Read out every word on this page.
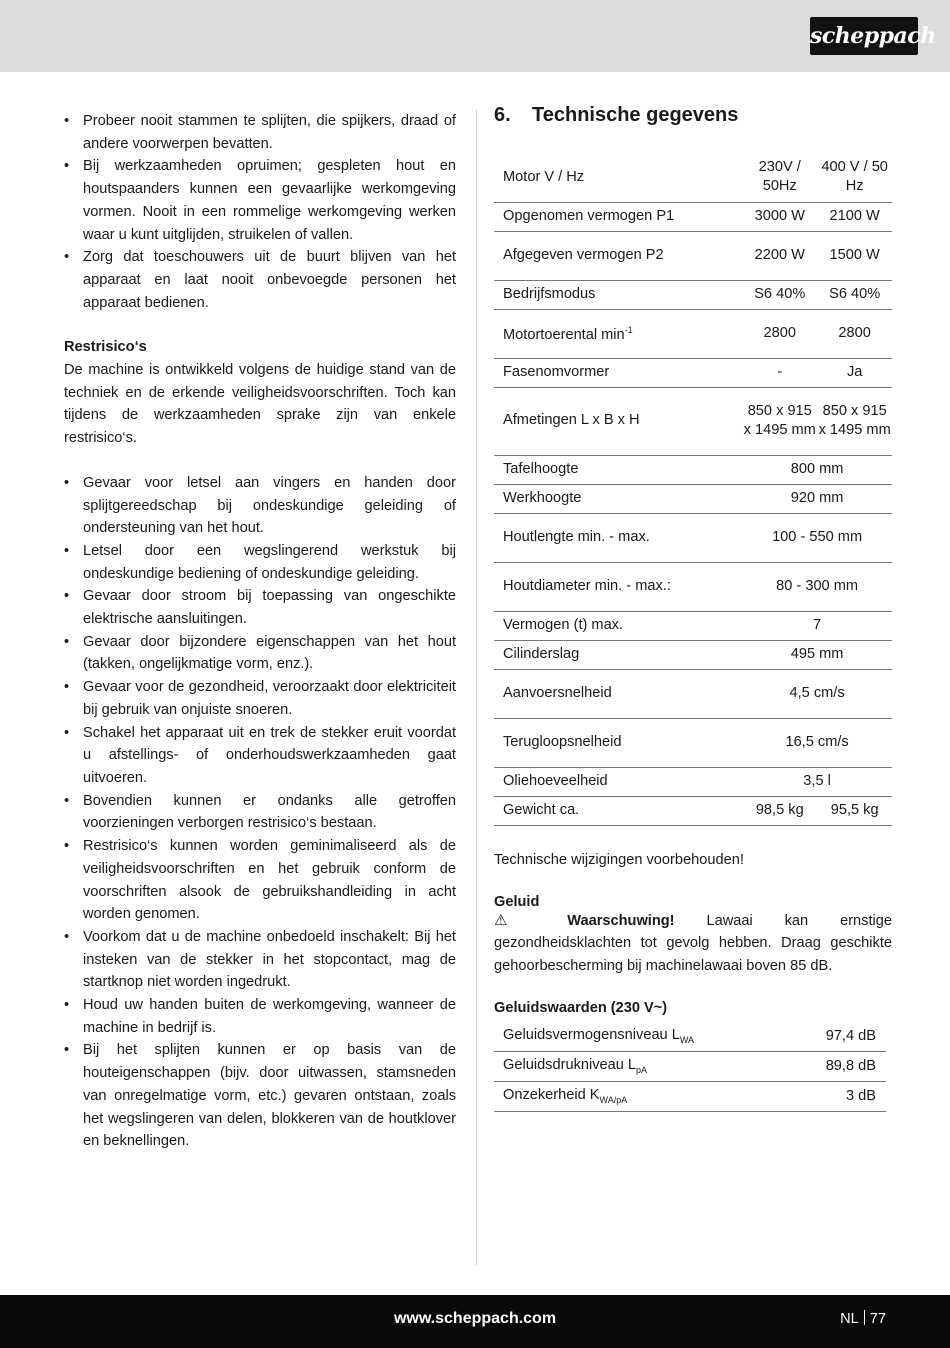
scheppach
• Probeer nooit stammen te splijten, die spijkers, draad of andere voorwerpen bevatten.
• Bij werkzaamheden opruimen; gespleten hout en houtspaanders kunnen een gevaarlijke werkomgeving vormen. Nooit in een rommelige werkomgeving werken waar u kunt uitglijden, struikelen of vallen.
• Zorg dat toeschouwers uit de buurt blijven van het apparaat en laat nooit onbevoegde personen het apparaat bedienen.
Restrisico‘s

De machine is ontwikkeld volgens de huidige stand van de techniek en de erkende veiligheidsvoorschriften. Toch kan tijdens de werkzaamheden sprake zijn van enkele restrisico‘s.

• Gevaar voor letsel aan vingers en handen door splijtgereedschap bij ondeskundige geleiding of ondersteuning van het hout.
• Letsel door een wegslingerend werkstuk bij ondeskundige bediening of ondeskundige geleiding.
• Gevaar door stroom bij toepassing van ongeschikte elektrische aansluitingen.
• Gevaar door bijzondere eigenschappen van het hout (takken, ongelijkmatige vorm, enz.).
• Gevaar voor de gezondheid, veroorzaakt door elektriciteit bij gebruik van onjuiste snoeren.
• Schakel het apparaat uit en trek de stekker eruit voordat u afstellings- of onderhoudswerkzaamheden gaat uitvoeren.
• Bovendien kunnen er ondanks alle getroffen voorzieningen verborgen restrisico‘s bestaan.
• Restrisico‘s kunnen worden geminimaliseerd als de veiligheidsvoorschriften en het gebruik conform de voorschriften alsook de gebruikshandleiding in acht worden genomen.
• Voorkom dat u de machine onbedoeld inschakelt: Bij het insteken van de stekker in het stopcontact, mag de startknop niet worden ingedrukt.
• Houd uw handen buiten de werkomgeving, wanneer de machine in bedrijf is.
• Bij het splijten kunnen er op basis van de houteigenschappen (bijv. door uitwassen, stamsneden van onregelmatige vorm, etc.) gevaren ontstaan, zoals het wegslingeren van delen, blokkeren van de houtklover en beknellingen.
6. Technische gegevens
Motor V / Hz	230V / 50Hz	400 V / 50 Hz
Opgenomen vermogen P1	3000 W	2100 W
Afgegeven vermogen P2	2200 W	1500 W
Bedrijfsmodus	S6 40%	S6 40%
Motortoerental $\min^{-1}$	2800	2800
Fasenomvormer	-	Ja
Afmetingen L x B x H	850 x 915 x 1495 mm	850 x 915 x 1495 mm
Tafelhoogte	800 mm	
Werkhoogte	920 mm	
Houtlengte min. - max.	100 - 550 mm	
Houtdiameter min. - max.:	80 - 300 mm	
Vermogen (t) max.	7	
Cilinderslag	495 mm	
Aanvoersnelheid	4,5 cm/s	
Terugloopsnelheid	16,5 cm/s	
Oliehoeveelheid	3,5 l	
Gewicht ca.	98,5 kg	95,5 kg
Technische wijzigingen voorbehouden!
Geluid
⚠ Waarschuwing! Lawaai kan ernstige gezondheidsklachten tot gevolg hebben. Draag geschikte gehoorbescherming bij machinelawaai boven 85 dB.
Geluidswaarden (230 V~)
Geluidsvermogensniveau $L_{WA}$	97,4 dB
Geluidsdrukniveau $L_{pA}$	89,8 dB
Onzekerheid $K_{WA/pA}$	3 dB
www.scheppach.com	NL 77
